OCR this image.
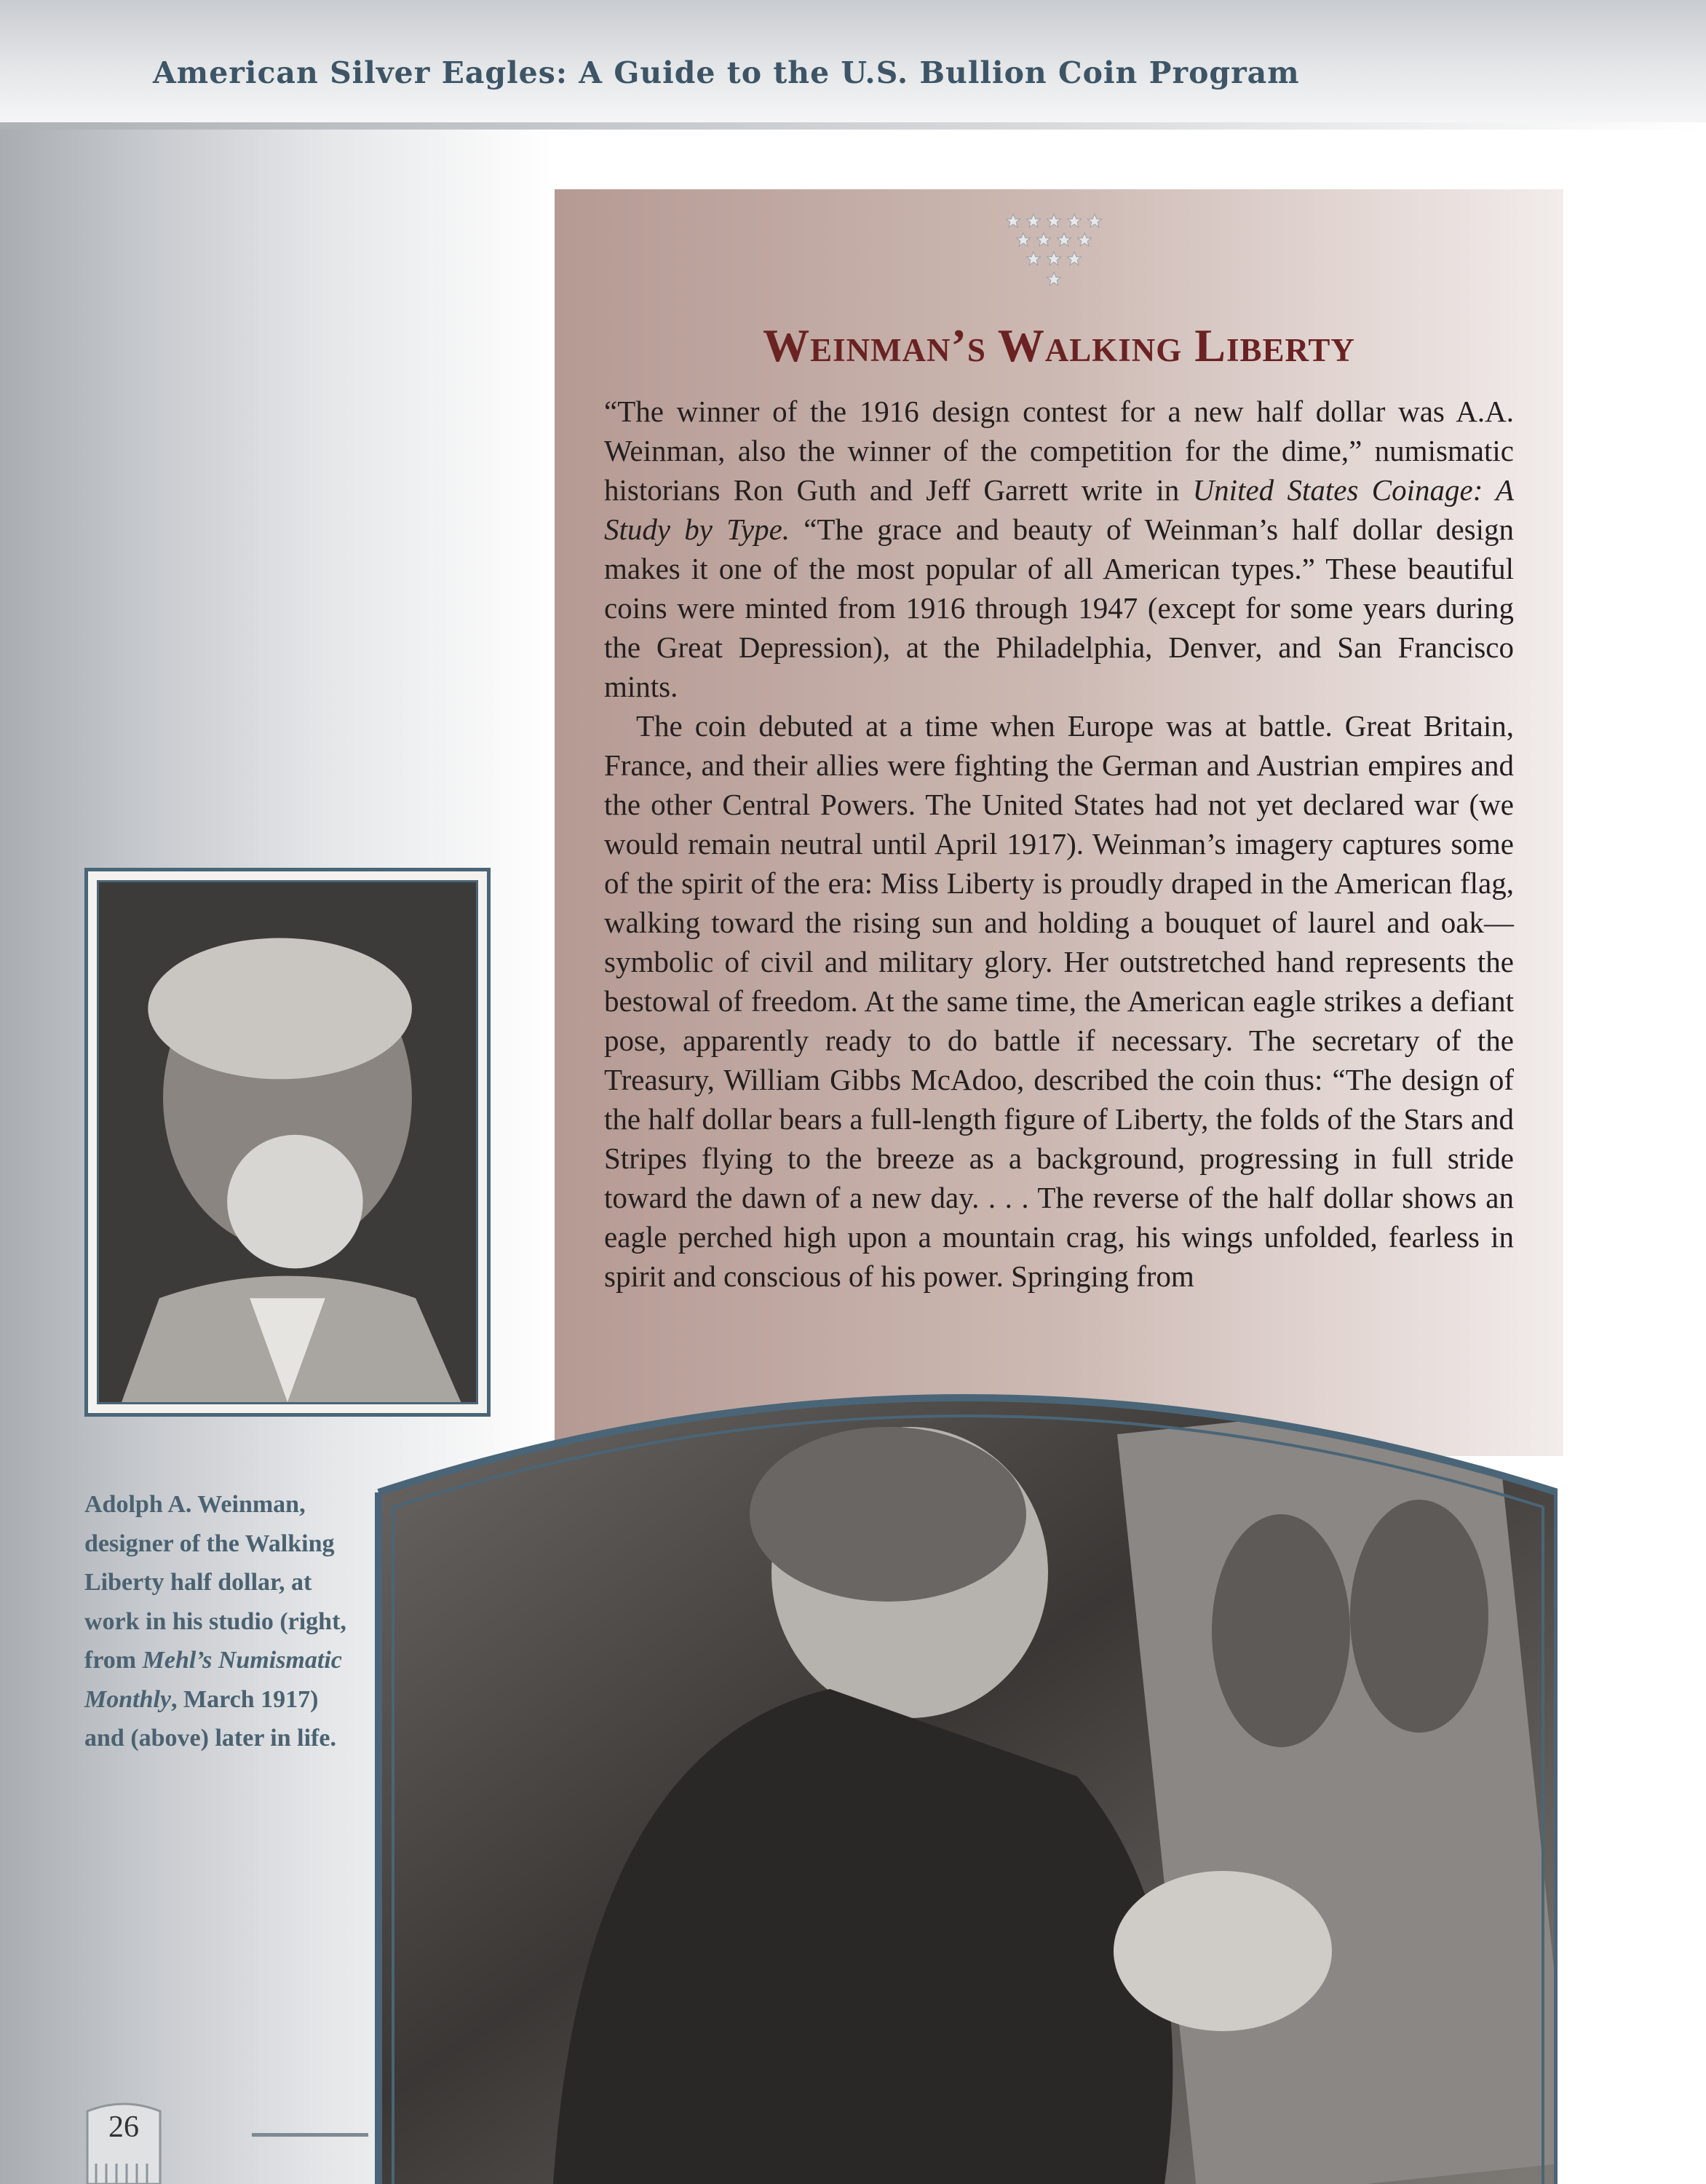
American Silver Eagles: A Guide to the U.S. Bullion Coin Program
Weinman’s Walking Liberty

“The winner of the 1916 design contest for a new half dollar was A.A. Weinman, also the winner of the competition for the dime,” numismatic historians Ron Guth and Jeff Garrett write in United States Coinage: A Study by Type. “The grace and beauty of Weinman’s half dollar design makes it one of the most popular of all American types.” These beautiful coins were minted from 1916 through 1947 (except for some years during the Great Depression), at the Philadelphia, Denver, and San Francisco mints.

The coin debuted at a time when Europe was at battle. Great Britain, France, and their allies were fighting the German and Austrian empires and the other Central Powers. The United States had not yet declared war (we would remain neutral until April 1917). Weinman’s imagery captures some of the spirit of the era: Miss Liberty is proudly draped in the American flag, walking toward the rising sun and holding a bouquet of laurel and oak—symbolic of civil and military glory. Her outstretched hand represents the bestowal of freedom. At the same time, the American eagle strikes a defiant pose, apparently ready to do battle if necessary. The secretary of the Treasury, William Gibbs McAdoo, described the coin thus: “The design of the half dollar bears a full-length figure of Liberty, the folds of the Stars and Stripes flying to the breeze as a background, progressing in full stride toward the dawn of a new day. . . . The reverse of the half dollar shows an eagle perched high upon a mountain crag, his wings unfolded, fearless in spirit and conscious of his power. Springing from

Adolph A. Weinman, designer of the Walking Liberty half dollar, at work in his studio (right, from Mehl’s Numismatic Monthly, March 1917) and (above) later in life.
26
